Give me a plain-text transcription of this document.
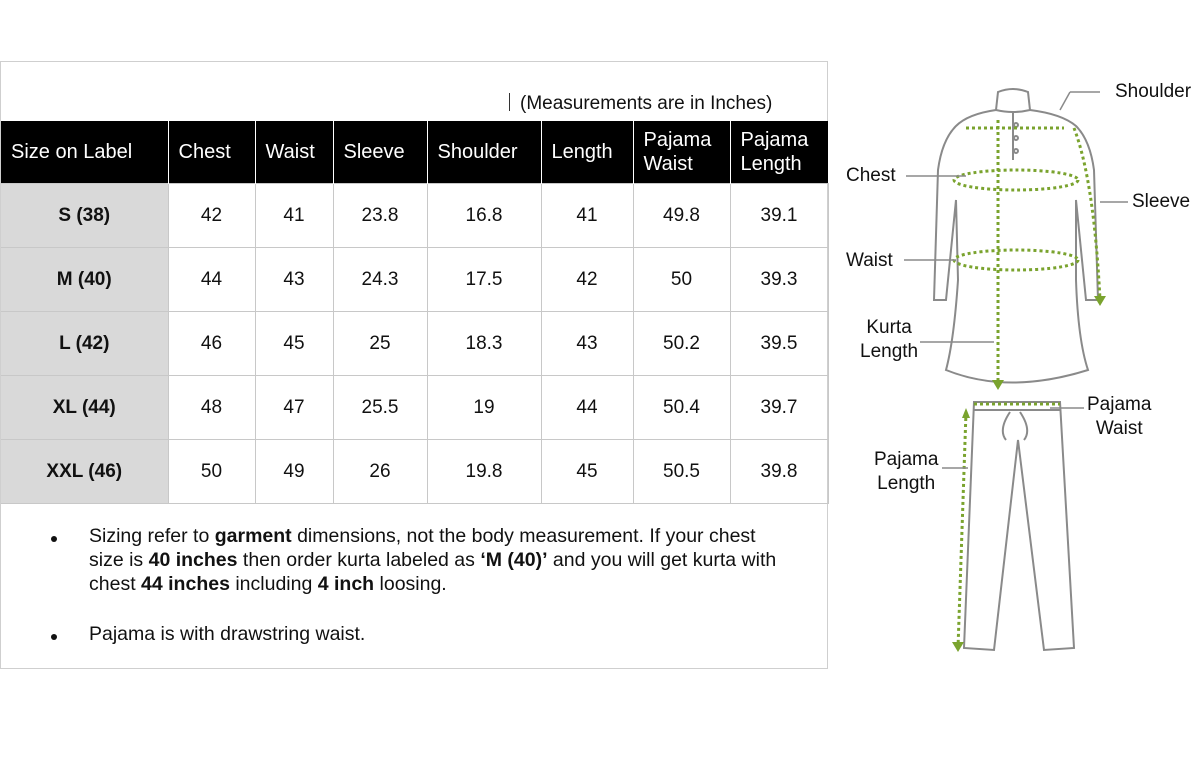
(Measurements are in Inches)
Size on Label	Chest	Waist	Sleeve	Shoulder	Length	Pajama Waist	Pajama Length
S (38)	42	41	23.8	16.8	41	49.8	39.1
M (40)	44	43	24.3	17.5	42	50	39.3
L (42)	46	45	25	18.3	43	50.2	39.5
XL (44)	48	47	25.5	19	44	50.4	39.7
XXL (46)	50	49	26	19.8	45	50.5	39.8
Sizing refer to garment dimensions, not the body measurement. If your chest size is 40 inches then order kurta labeled as ‘M (40)’ and you will get kurta with chest 44 inches including 4 inch loosing.
Pajama is with drawstring waist.
Shoulder
Chest
Sleeve
Waist
Kurta
Length
Pajama
Waist
Pajama
Length
